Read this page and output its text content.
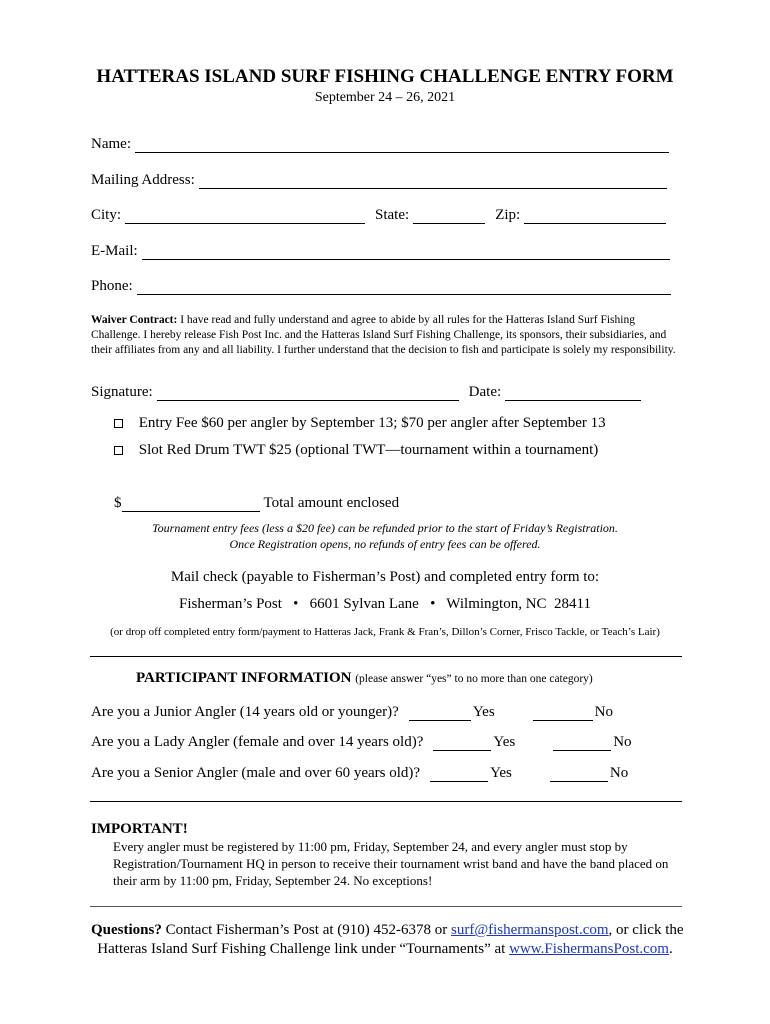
HATTERAS ISLAND SURF FISHING CHALLENGE ENTRY FORM
September 24 – 26, 2021
Name:
Mailing Address:
City:	State:	Zip:
E-Mail:
Phone:
Waiver Contract: I have read and fully understand and agree to abide by all rules for the Hatteras Island Surf Fishing Challenge. I hereby release Fish Post Inc. and the Hatteras Island Surf Fishing Challenge, its sponsors, their subsidiaries, and their affiliates from any and all liability. I further understand that the decision to fish and participate is solely my responsibility.
Signature:	Date:
Entry Fee $60 per angler by September 13; $70 per angler after September 13
Slot Red Drum TWT $25 (optional TWT—tournament within a tournament)
$	Total amount enclosed
Tournament entry fees (less a $20 fee) can be refunded prior to the start of Friday’s Registration.
Once Registration opens, no refunds of entry fees can be offered.
Mail check (payable to Fisherman’s Post) and completed entry form to:
Fisherman’s Post   •   6601 Sylvan Lane   •   Wilmington, NC  28411
(or drop off completed entry form/payment to Hatteras Jack, Frank & Fran’s, Dillon’s Corner, Frisco Tackle, or Teach’s Lair)
PARTICIPANT INFORMATION (please answer “yes” to no more than one category)
Are you a Junior Angler (14 years old or younger)?	Yes	No
Are you a Lady Angler (female and over 14 years old)?	Yes	No
Are you a Senior Angler (male and over 60 years old)?	Yes	No
IMPORTANT!
Every angler must be registered by 11:00 pm, Friday, September 24, and every angler must stop by Registration/Tournament HQ in person to receive their tournament wrist band and have the band placed on their arm by 11:00 pm, Friday, September 24. No exceptions!
Questions? Contact Fisherman’s Post at (910) 452-6378 or surf@fishermanspost.com, or click the
Hatteras Island Surf Fishing Challenge link under “Tournaments” at www.FishermansPost.com.
